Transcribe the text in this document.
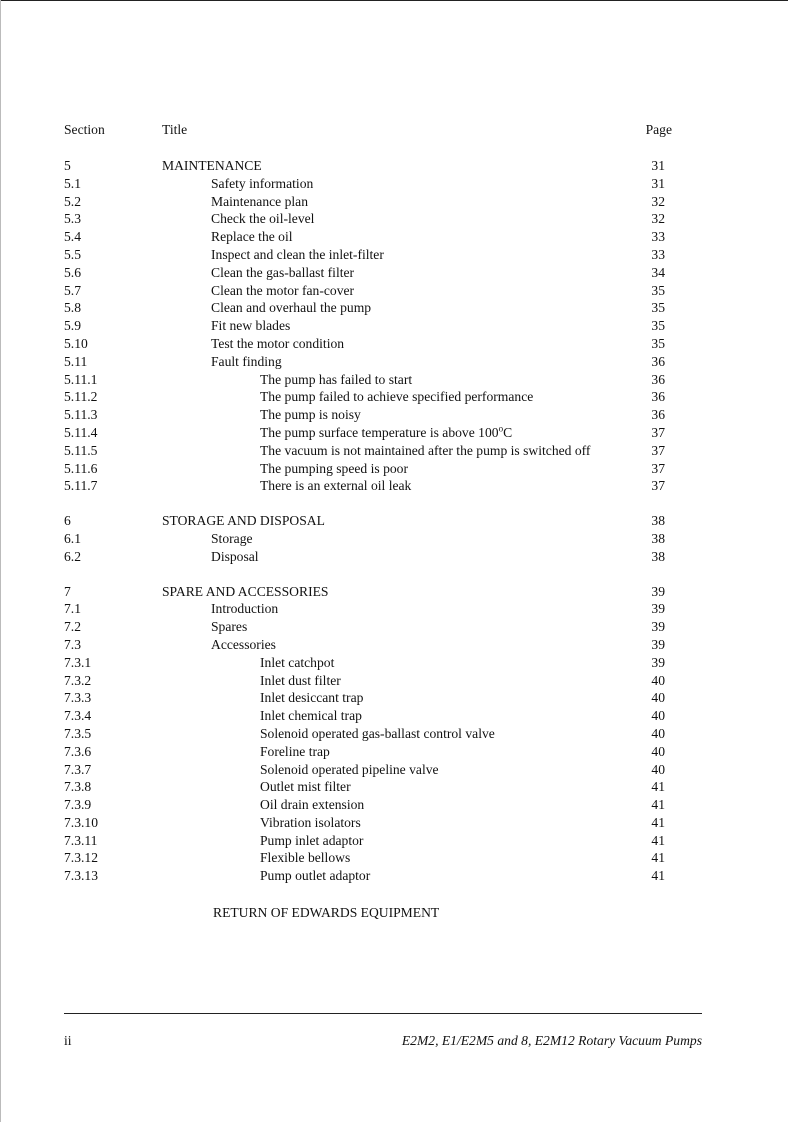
Section	Title	Page
5	MAINTENANCE	31
5.1	Safety information	31
5.2	Maintenance plan	32
5.3	Check the oil-level	32
5.4	Replace the oil	33
5.5	Inspect and clean the inlet-filter	33
5.6	Clean the gas-ballast filter	34
5.7	Clean the motor fan-cover	35
5.8	Clean and overhaul the pump	35
5.9	Fit new blades	35
5.10	Test the motor condition	35
5.11	Fault finding	36
5.11.1	The pump has failed to start	36
5.11.2	The pump failed to achieve specified performance	36
5.11.3	The pump is noisy	36
5.11.4	The pump surface temperature is above 100$^o$C	37
5.11.5	The vacuum is not maintained after the pump is switched off	37
5.11.6	The pumping speed is poor	37
5.11.7	There is an external oil leak	37
6	STORAGE AND DISPOSAL	38
6.1	Storage	38
6.2	Disposal	38
7	SPARE AND ACCESSORIES	39
7.1	Introduction	39
7.2	Spares	39
7.3	Accessories	39
7.3.1	Inlet catchpot	39
7.3.2	Inlet dust filter	40
7.3.3	Inlet desiccant trap	40
7.3.4	Inlet chemical trap	40
7.3.5	Solenoid operated gas-ballast control valve	40
7.3.6	Foreline trap	40
7.3.7	Solenoid operated pipeline valve	40
7.3.8	Outlet mist filter	41
7.3.9	Oil drain extension	41
7.3.10	Vibration isolators	41
7.3.11	Pump inlet adaptor	41
7.3.12	Flexible bellows	41
7.3.13	Pump outlet adaptor	41
RETURN OF EDWARDS EQUIPMENT
ii	E2M2, E1/E2M5 and 8, E2M12 Rotary Vacuum Pumps
